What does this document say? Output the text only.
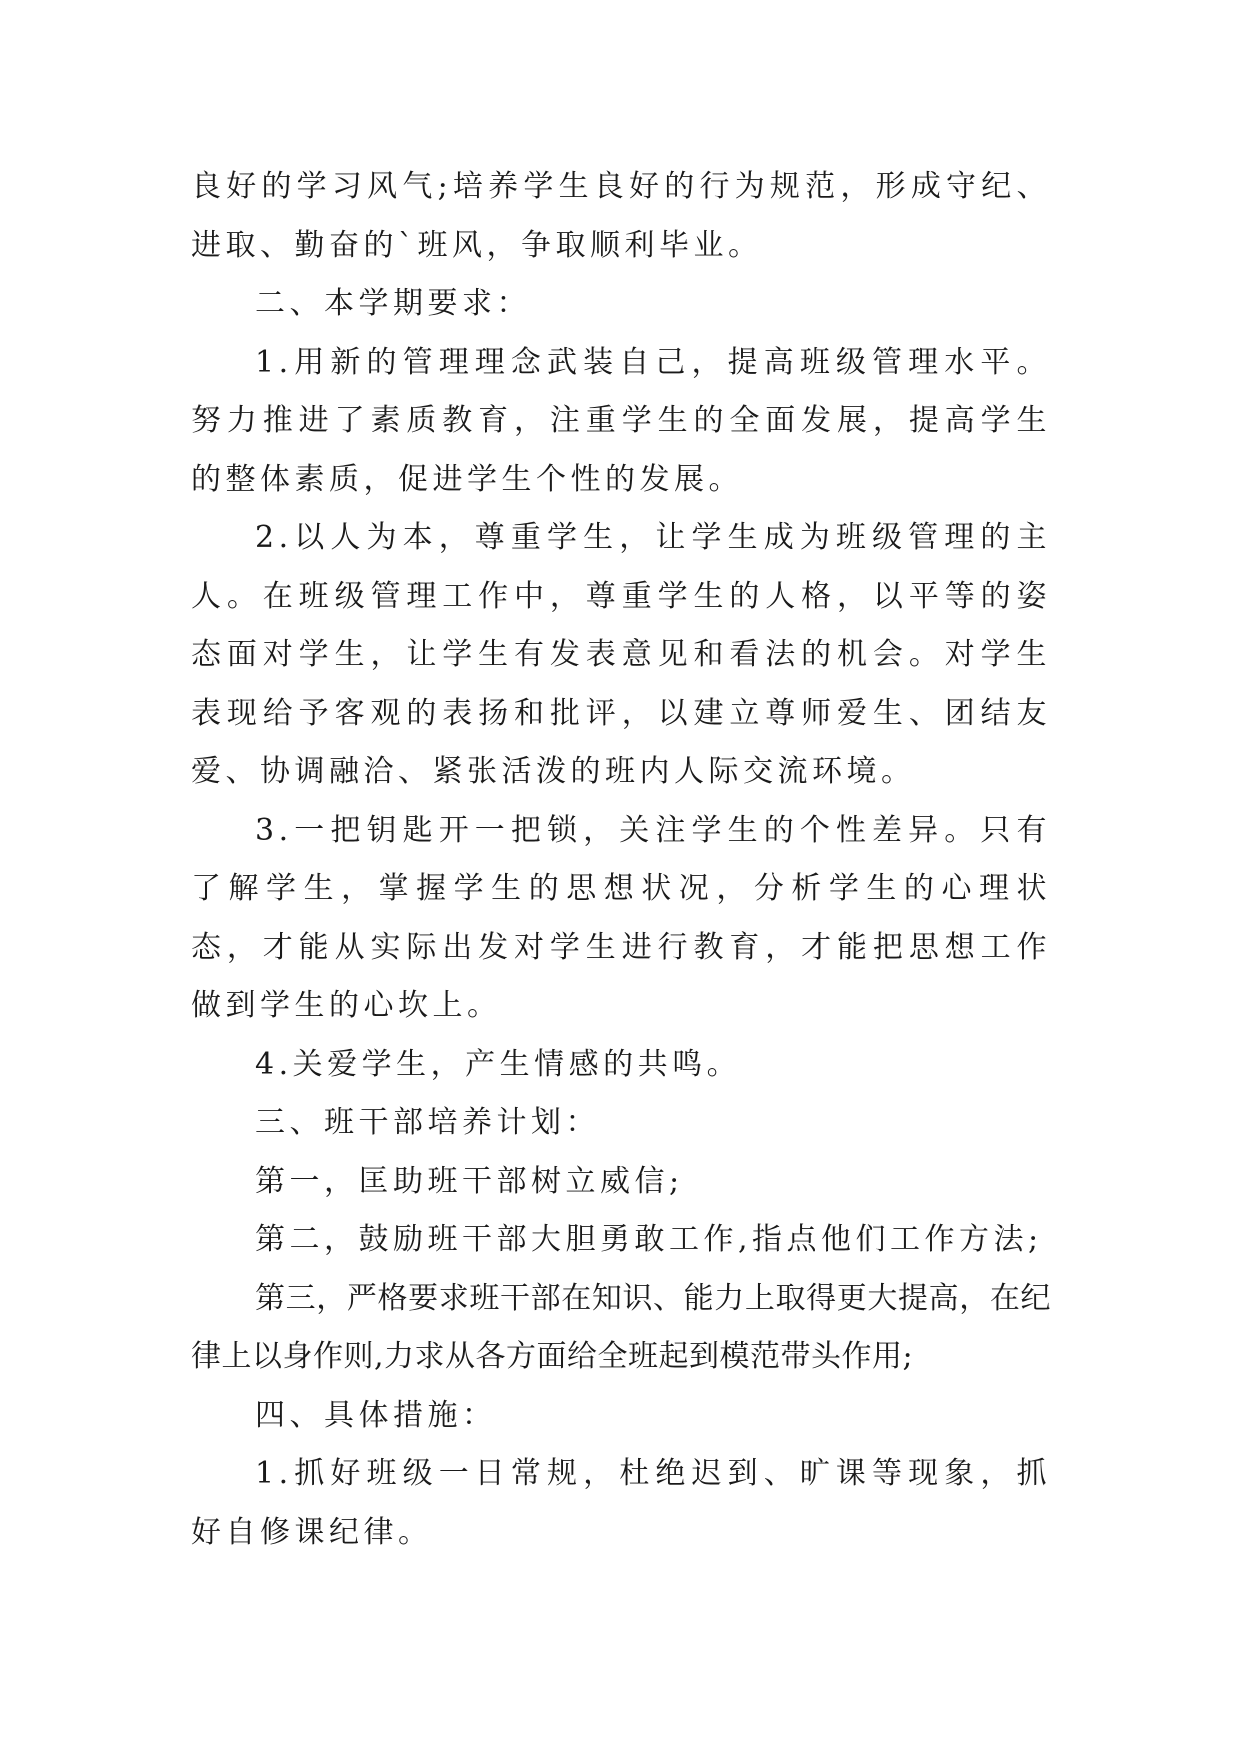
良好的学习风气;培养学生良好的行为规范，形成守纪、进取、勤奋的`班风，争取顺利毕业。

二、本学期要求：

1.用新的管理理念武装自己，提高班级管理水平。努力推进了素质教育，注重学生的全面发展，提高学生的整体素质，促进学生个性的发展。

2.以人为本，尊重学生，让学生成为班级管理的主人。在班级管理工作中，尊重学生的人格，以平等的姿态面对学生，让学生有发表意见和看法的机会。对学生表现给予客观的表扬和批评，以建立尊师爱生、团结友爱、协调融洽、紧张活泼的班内人际交流环境。

3.一把钥匙开一把锁，关注学生的个性差异。只有了解学生，掌握学生的思想状况，分析学生的心理状态，才能从实际出发对学生进行教育，才能把思想工作做到学生的心坎上。

4.关爱学生，产生情感的共鸣。

三、班干部培养计划：

第一，匡助班干部树立威信;

第二，鼓励班干部大胆勇敢工作,指点他们工作方法;

第三，严格要求班干部在知识、能力上取得更大提高，在纪律上以身作则,力求从各方面给全班起到模范带头作用;

四、具体措施：

1.抓好班级一日常规，杜绝迟到、旷课等现象，抓好自修课纪律。
